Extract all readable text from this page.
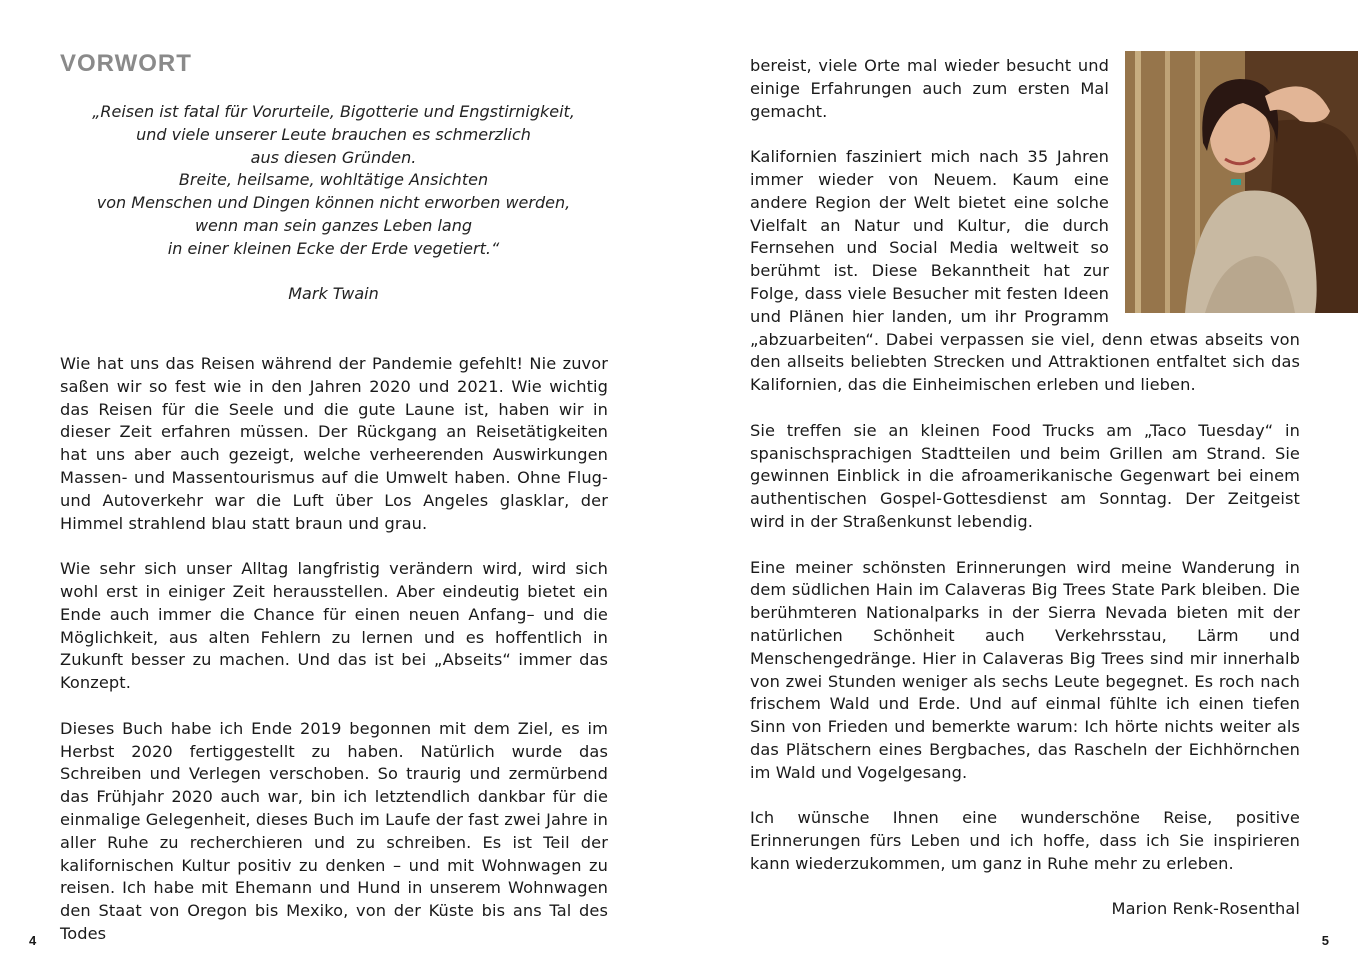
VORWORT
„Reisen ist fatal für Vorurteile, Bigotterie und Engstirnigkeit,
und viele unserer Leute brauchen es schmerzlich
aus diesen Gründen.
Breite, heilsame, wohltätige Ansichten
von Menschen und Dingen können nicht erworben werden,
wenn man sein ganzes Leben lang
in einer kleinen Ecke der Erde vegetiert.“
Mark Twain

Wie hat uns das Reisen während der Pandemie gefehlt! Nie zuvor saßen wir so fest wie in den Jahren 2020 und 2021. Wie wichtig das Reisen für die Seele und die gute Laune ist, haben wir in dieser Zeit erfahren müssen. Der Rückgang an Reisetätigkeiten hat uns aber auch gezeigt, welche verheerenden Auswirkungen Massen- und Massentourismus auf die Umwelt haben. Ohne Flug- und Autoverkehr war die Luft über Los Angeles glasklar, der Himmel strahlend blau statt braun und grau.

Wie sehr sich unser Alltag langfristig verändern wird, wird sich wohl erst in einiger Zeit herausstellen. Aber eindeutig bietet ein Ende auch immer die Chance für einen neuen Anfang– und die Möglichkeit, aus alten Fehlern zu lernen und es hoffentlich in Zukunft besser zu machen. Und das ist bei „Abseits“ immer das Konzept.

Dieses Buch habe ich Ende 2019 begonnen mit dem Ziel, es im Herbst 2020 fertiggestellt zu haben. Natürlich wurde das Schreiben und Verlegen verschoben. So traurig und zermürbend das Frühjahr 2020 auch war, bin ich letztendlich dankbar für die einmalige Gelegenheit, dieses Buch im Laufe der fast zwei Jahre in aller Ruhe zu recherchieren und zu schreiben. Es ist Teil der kalifornischen Kultur positiv zu denken – und mit Wohnwagen zu reisen. Ich habe mit Ehemann und Hund in unserem Wohnwagen den Staat von Oregon bis Mexiko, von der Küste bis ans Tal des Todes

4

bereist, viele Orte mal wieder besucht und einige Erfahrungen auch zum ersten Mal gemacht.

Kalifornien fasziniert mich nach 35 Jahren immer wieder von Neuem. Kaum eine andere Region der Welt bietet eine solche Vielfalt an Natur und Kultur, die durch Fernsehen und Social Media weltweit so berühmt ist. Diese Bekanntheit hat zur Folge, dass viele Besucher mit festen Ideen und Plänen hier landen, um ihr Programm „abzuarbeiten“. Dabei verpassen sie viel, denn etwas abseits von den allseits beliebten Strecken und Attraktionen entfaltet sich das Kalifornien, das die Einheimischen erleben und lieben.

Sie treffen sie an kleinen Food Trucks am „Taco Tuesday“ in spanischsprachigen Stadtteilen und beim Grillen am Strand. Sie gewinnen Einblick in die afroamerikanische Gegenwart bei einem authentischen Gospel-Gottesdienst am Sonntag. Der Zeitgeist wird in der Straßenkunst lebendig.

Eine meiner schönsten Erinnerungen wird meine Wanderung in dem südlichen Hain im Calaveras Big Trees State Park bleiben. Die berühmteren Nationalparks in der Sierra Nevada bieten mit der natürlichen Schönheit auch Verkehrsstau, Lärm und Menschengedränge. Hier in Calaveras Big Trees sind mir innerhalb von zwei Stunden weniger als sechs Leute begegnet. Es roch nach frischem Wald und Erde. Und auf einmal fühlte ich einen tiefen Sinn von Frieden und bemerkte warum: Ich hörte nichts weiter als das Plätschern eines Bergbaches, das Rascheln der Eichhörnchen im Wald und Vogelgesang.

Ich wünsche Ihnen eine wunderschöne Reise, positive Erinnerungen fürs Leben und ich hoffe, dass ich Sie inspirieren kann wiederzukommen, um ganz in Ruhe mehr zu erleben.

Marion Renk-Rosenthal

5
